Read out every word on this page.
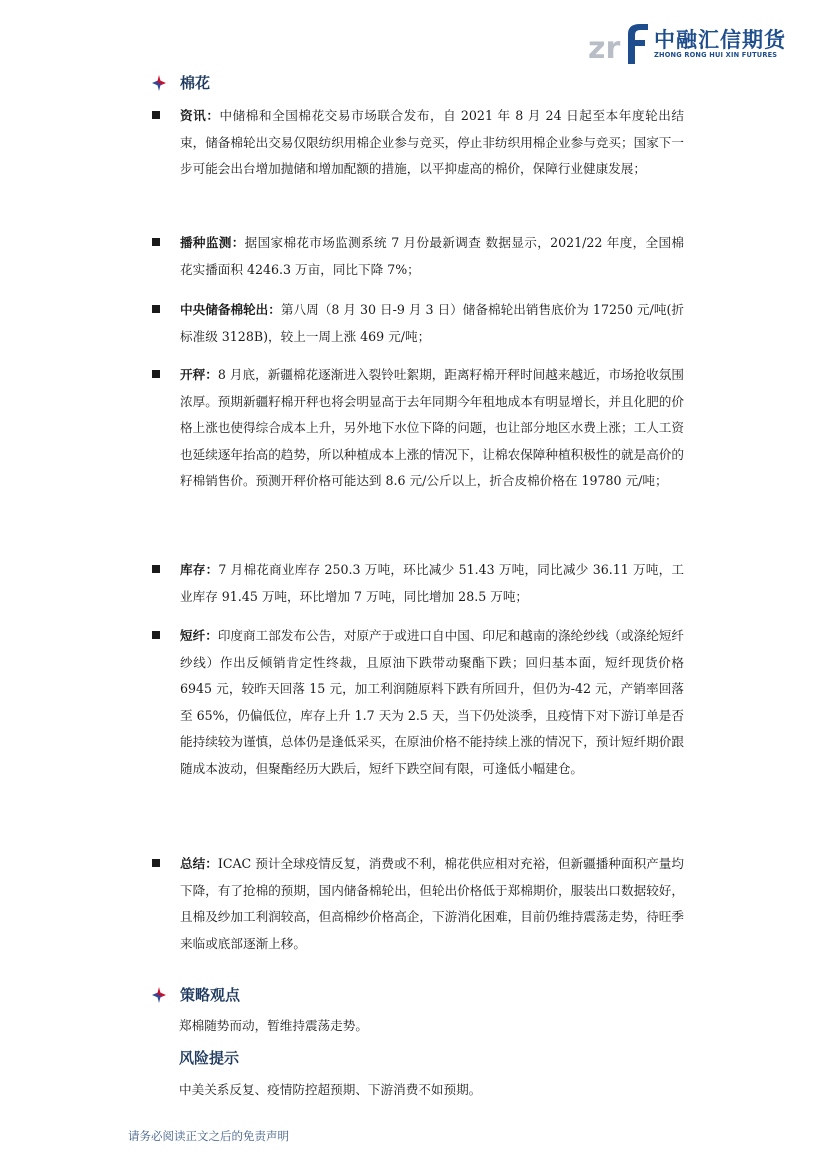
zr 中融汇信期货
ZHONG RONG HUI XIN FUTURES
棉花
资讯：中储棉和全国棉花交易市场联合发布，自 2021 年 8 月 24 日起至本年度轮出结束，储备棉轮出交易仅限纺织用棉企业参与竞买，停止非纺织用棉企业参与竞买；国家下一步可能会出台增加抛储和增加配额的措施，以平抑虚高的棉价，保障行业健康发展；
播种监测：据国家棉花市场监测系统 7 月份最新调查 数据显示，2021/22 年度，全国棉花实播面积 4246.3 万亩，同比下降 7%；
中央储备棉轮出：第八周（8 月 30 日-9 月 3 日）储备棉轮出销售底价为 17250 元/吨(折标准级 3128B)，较上一周上涨 469 元/吨；
开秤：8 月底，新疆棉花逐渐进入裂铃吐絮期，距离籽棉开秤时间越来越近，市场抢收氛围浓厚。预期新疆籽棉开秤也将会明显高于去年同期今年租地成本有明显增长，并且化肥的价格上涨也使得综合成本上升，另外地下水位下降的问题，也让部分地区水费上涨；工人工资也延续逐年抬高的趋势，所以种植成本上涨的情况下，让棉农保障种植积极性的就是高价的籽棉销售价。预测开秤价格可能达到 8.6 元/公斤以上，折合皮棉价格在 19780 元/吨；
库存：7 月棉花商业库存 250.3 万吨，环比减少 51.43 万吨，同比减少 36.11 万吨，工业库存 91.45 万吨，环比增加 7 万吨，同比增加 28.5 万吨；
短纤：印度商工部发布公告，对原产于或进口自中国、印尼和越南的涤纶纱线（或涤纶短纤纱线）作出反倾销肯定性终裁，且原油下跌带动聚酯下跌；回归基本面，短纤现货价格 6945 元，较昨天回落 15 元，加工利润随原料下跌有所回升，但仍为-42 元，产销率回落至 65%，仍偏低位，库存上升 1.7 天为 2.5 天，当下仍处淡季，且疫情下对下游订单是否能持续较为谨慎，总体仍是逢低采买，在原油价格不能持续上涨的情况下，预计短纤期价跟随成本波动，但聚酯经历大跌后，短纤下跌空间有限，可逢低小幅建仓。
总结：ICAC 预计全球疫情反复，消费或不利，棉花供应相对充裕，但新疆播种面积产量均下降，有了抢棉的预期，国内储备棉轮出，但轮出价格低于郑棉期价，服装出口数据较好，且棉及纱加工利润较高，但高棉纱价格高企，下游消化困难，目前仍维持震荡走势，待旺季来临或底部逐渐上移。
策略观点
郑棉随势而动，暂维持震荡走势。
风险提示
中美关系反复、疫情防控超预期、下游消费不如预期。
请务必阅读正文之后的免责声明
